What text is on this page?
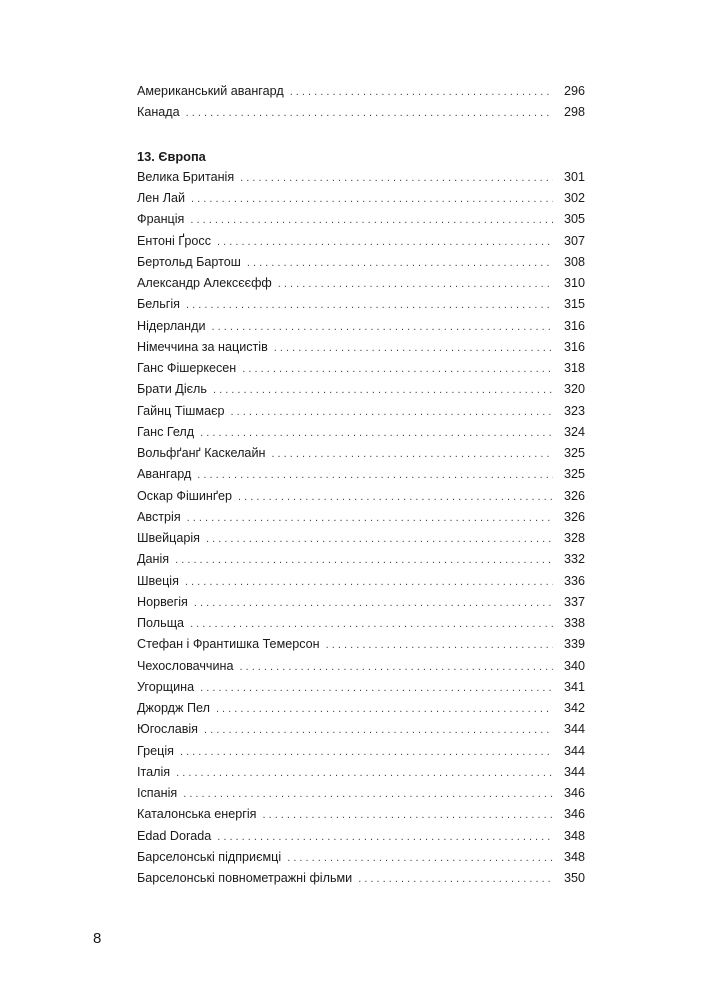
Американський авангард . . .	296
Канада . . .	298
13. Європа
Велика Британія . . .	301
Лен Лай . . .	302
Франція . . .	305
Ентоні Ґросс . . .	307
Бертольд Бартош . . .	308
Александр Алексєєфф . . .	310
Бельгія . . .	315
Нідерланди . . .	316
Німеччина за нацистів . . .	316
Ганс Фішеркесен . . .	318
Брати Дієль . . .	320
Гайнц Тішмаєр . . .	323
Ганс Гелд . . .	324
Вольфґанґ Каскелайн . . .	325
Авангард . . .	325
Оскар Фішинґер . . .	326
Австрія . . .	326
Швейцарія . . .	328
Данія . . .	332
Швеція . . .	336
Норвегія . . .	337
Польща . . .	338
Стефан і Франтишка Темерсон . . .	339
Чехословаччина . . .	340
Угорщина . . .	341
Джордж Пел . . .	342
Югославія . . .	344
Греція . . .	344
Італія . . .	344
Іспанія . . .	346
Каталонська енергія . . .	346
Edad Dorada . . .	348
Барселонські підприємці . . .	348
Барселонські повнометражні фільми . . .	350
8
